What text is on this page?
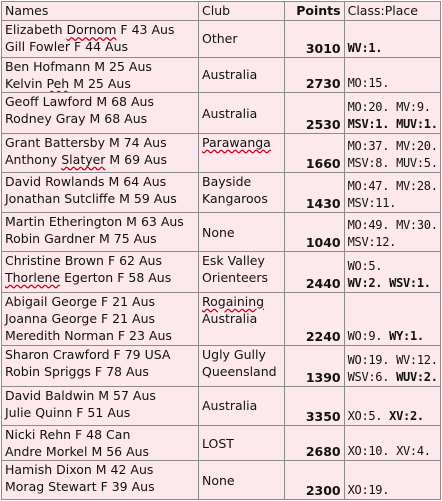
Names	Club	Points	Class:Place

Elizabeth Dornom F 43 Aus
Gill Fowler F 44 Aus	Other	3010	WV:1.

Ben Hofmann M 25 Aus
Kelvin Peh M 25 Aus	Australia	2730	MO:15.

Geoff Lawford M 68 Aus
Rodney Gray M 68 Aus	Australia	2530	MO:20. MV:9.
MSV:1. MUV:1.

Grant Battersby M 74 Aus
Anthony Slatyer M 69 Aus	Parawanga	1660	MO:37. MV:20.
MSV:8. MUV:5.

David Rowlands M 64 Aus
Jonathan Sutcliffe M 59 Aus	Bayside
Kangaroos	1430	MO:47. MV:28.
MSV:11.

Martin Etherington M 63 Aus
Robin Gardner M 75 Aus	None	1040	MO:49. MV:30.
MSV:12.

Christine Brown F 62 Aus
Thorlene Egerton F 58 Aus	Esk Valley
Orienteers	2440	WO:5.
WV:2. WSV:1.

Abigail George F 21 Aus
Joanna George F 21 Aus
Meredith Norman F 23 Aus	Rogaining
Australia	2240	WO:9. WY:1.

Sharon Crawford F 79 USA
Robin Spriggs F 78 Aus	Ugly Gully
Queensland	1390	WO:19. WV:12.
WSV:6. WUV:2.

David Baldwin M 57 Aus
Julie Quinn F 51 Aus	Australia	3350	XO:5. XV:2.

Nicki Rehn F 48 Can
Andre Morkel M 56 Aus	LOST	2680	XO:10. XV:4.

Hamish Dixon M 42 Aus
Morag Stewart F 39 Aus	None	2300	XO:19.
